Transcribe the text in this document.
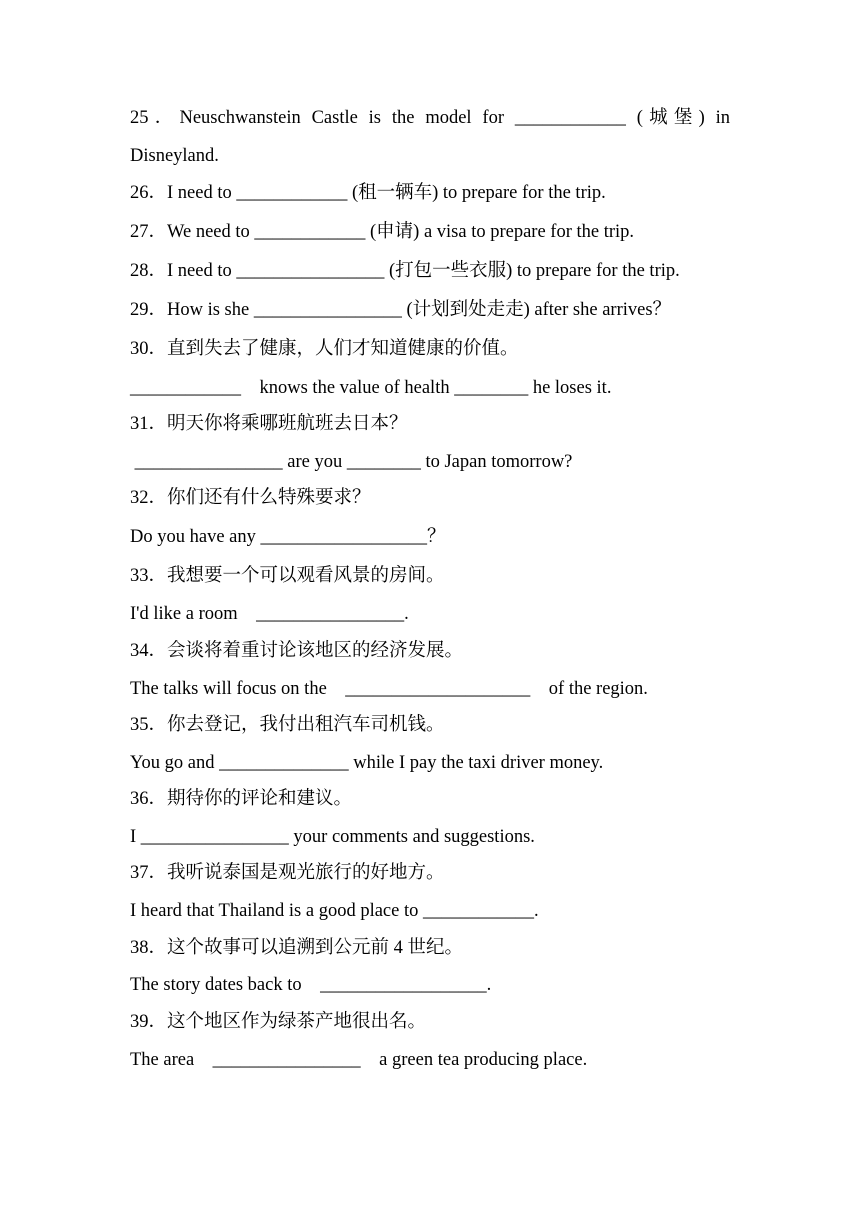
25．Neuschwanstein Castle is the model for ____________ (城堡) in
Disneyland.
26．I need to ____________ (租一辆车) to prepare for the trip.
27．We need to ____________ (申请) a visa to prepare for the trip.
28．I need to ________________ (打包一些衣服) to prepare for the trip.
29．How is she ________________ (计划到处走走) after she arrives？
30．直到失去了健康，人们才知道健康的价值。
____________    knows the value of health ________ he loses it.
31．明天你将乘哪班航班去日本？
________________ are you ________ to Japan tomorrow?
32．你们还有什么特殊要求？
Do you have any __________________？
33．我想要一个可以观看风景的房间。
I'd like a room    ________________.
34．会谈将着重讨论该地区的经济发展。
The talks will focus on the    ____________________    of the region.
35．你去登记，我付出租汽车司机钱。
You go and ______________ while I pay the taxi driver money.
36．期待你的评论和建议。
I ________________ your comments and suggestions.
37．我听说泰国是观光旅行的好地方。
I heard that Thailand is a good place to ____________.
38．这个故事可以追溯到公元前 4 世纪。
The story dates back to    __________________.
39．这个地区作为绿茶产地很出名。
The area    ________________    a green tea producing place.
